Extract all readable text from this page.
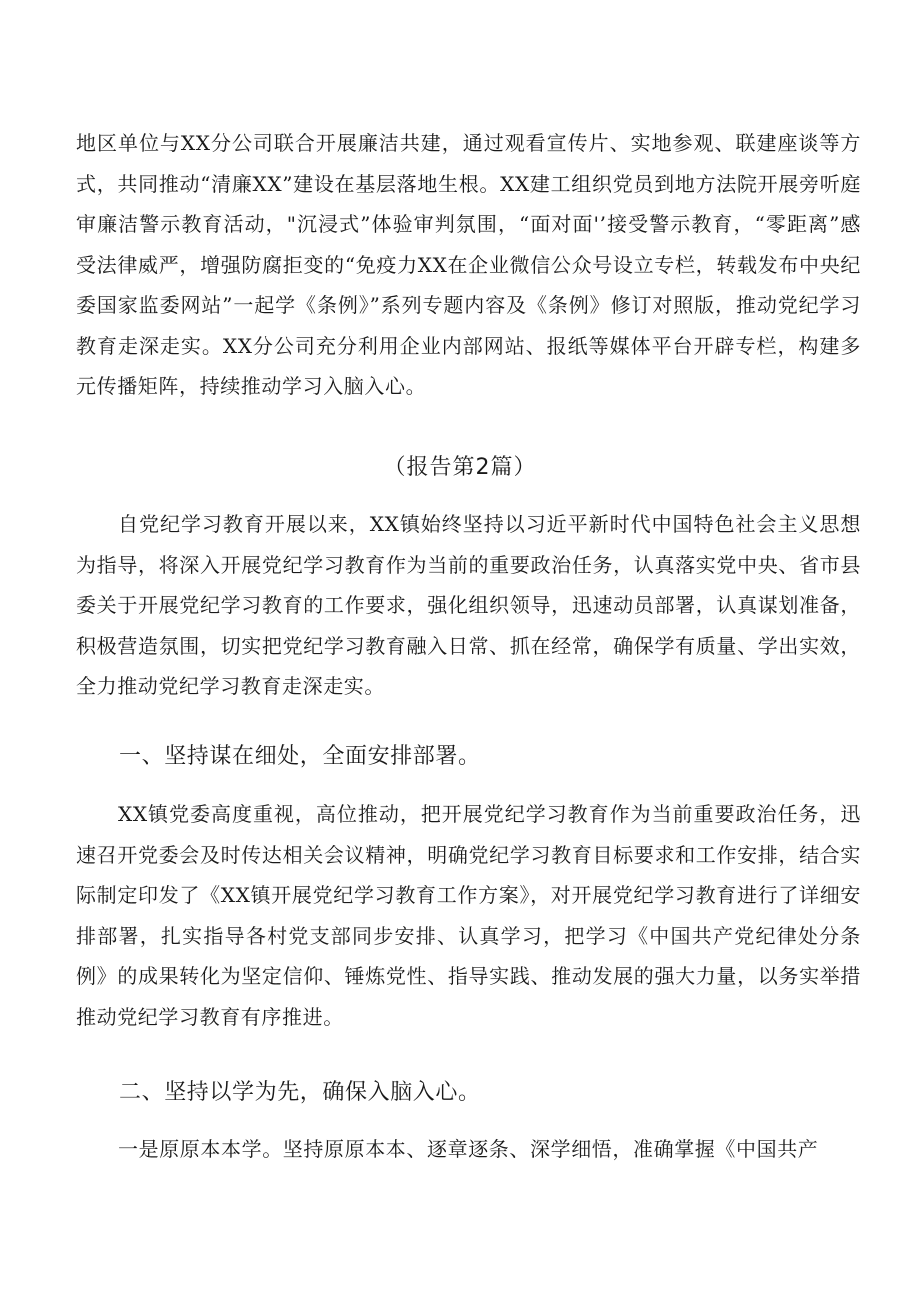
地区单位与XX分公司联合开展廉洁共建，通过观看宣传片、实地参观、联建座谈等方式，共同推动“清廉XX”建设在基层落地生根。XX建工组织党员到地方法院开展旁听庭审廉洁警示教育活动，"沉浸式”体验审判氛围，“面对面'’接受警示教育，“零距离”感受法律威严，增强防腐拒变的“免疫力XX在企业微信公众号设立专栏，转载发布中央纪委国家监委网站”一起学《条例》”系列专题内容及《条例》修订对照版，推动党纪学习教育走深走实。XX分公司充分利用企业内部网站、报纸等媒体平台开辟专栏，构建多元传播矩阵，持续推动学习入脑入心。

（报告第2篇）

自党纪学习教育开展以来，XX镇始终坚持以习近平新时代中国特色社会主义思想为指导，将深入开展党纪学习教育作为当前的重要政治任务，认真落实党中央、省市县委关于开展党纪学习教育的工作要求，强化组织领导，迅速动员部署，认真谋划准备，积极营造氛围，切实把党纪学习教育融入日常、抓在经常，确保学有质量、学出实效，全力推动党纪学习教育走深走实。

一、坚持谋在细处，全面安排部署。

XX镇党委高度重视，高位推动，把开展党纪学习教育作为当前重要政治任务，迅速召开党委会及时传达相关会议精神，明确党纪学习教育目标要求和工作安排，结合实际制定印发了《XX镇开展党纪学习教育工作方案》，对开展党纪学习教育进行了详细安排部署，扎实指导各村党支部同步安排、认真学习，把学习《中国共产党纪律处分条例》的成果转化为坚定信仰、锤炼党性、指导实践、推动发展的强大力量，以务实举措推动党纪学习教育有序推进。

二、坚持以学为先，确保入脑入心。

一是原原本本学。坚持原原本本、逐章逐条、深学细悟，准确掌握《中国共产
